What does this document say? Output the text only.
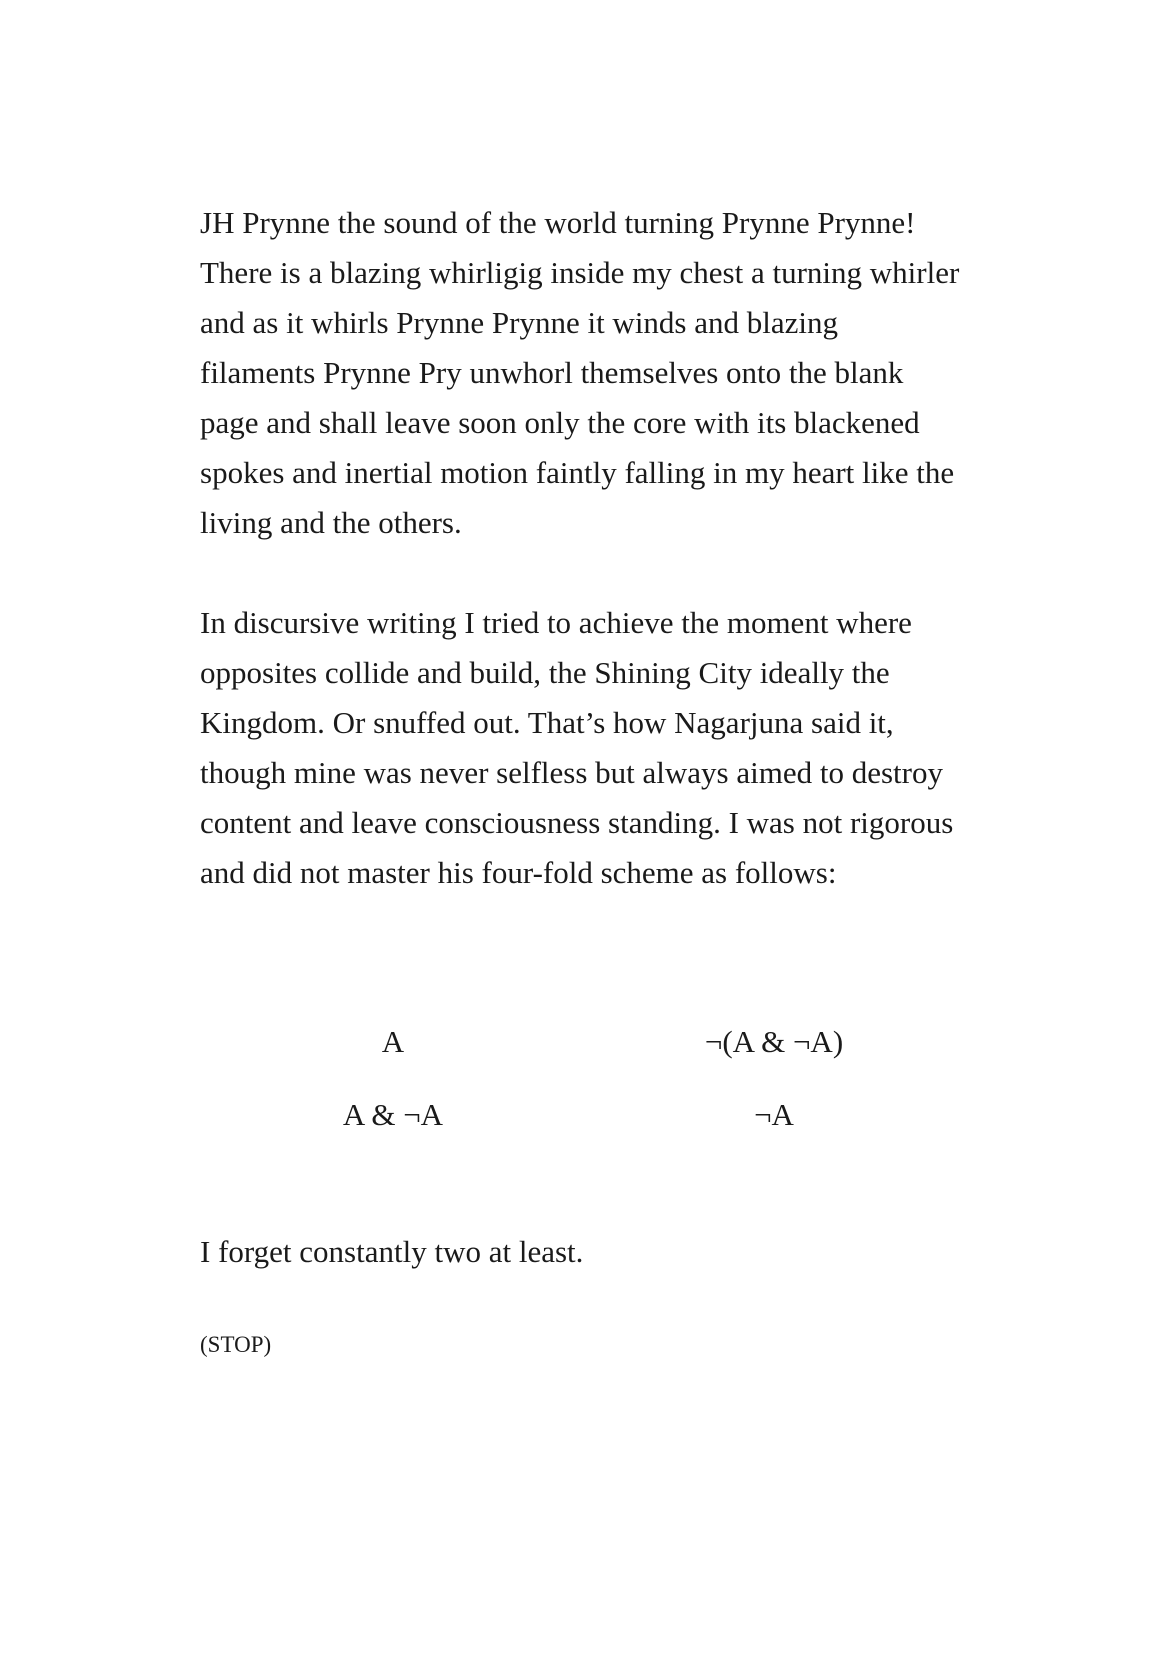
JH Prynne the sound of the world turning Prynne Prynne!
There is a blazing whirligig inside my chest a turning whirler
and as it whirls Prynne Prynne it winds and blazing
filaments Prynne Pry unwhorl themselves onto the blank
page and shall leave soon only the core with its blackened
spokes and inertial motion faintly falling in my heart like the
living and the others.

In discursive writing I tried to achieve the moment where
opposites collide and build, the Shining City ideally the
Kingdom. Or snuffed out. That’s how Nagarjuna said it,
though mine was never selfless but always aimed to destroy
content and leave consciousness standing. I was not rigorous
and did not master his four-fold scheme as follows:

A	¬(A & ¬A)
A & ¬A	¬A

I forget constantly two at least.

(STOP)
